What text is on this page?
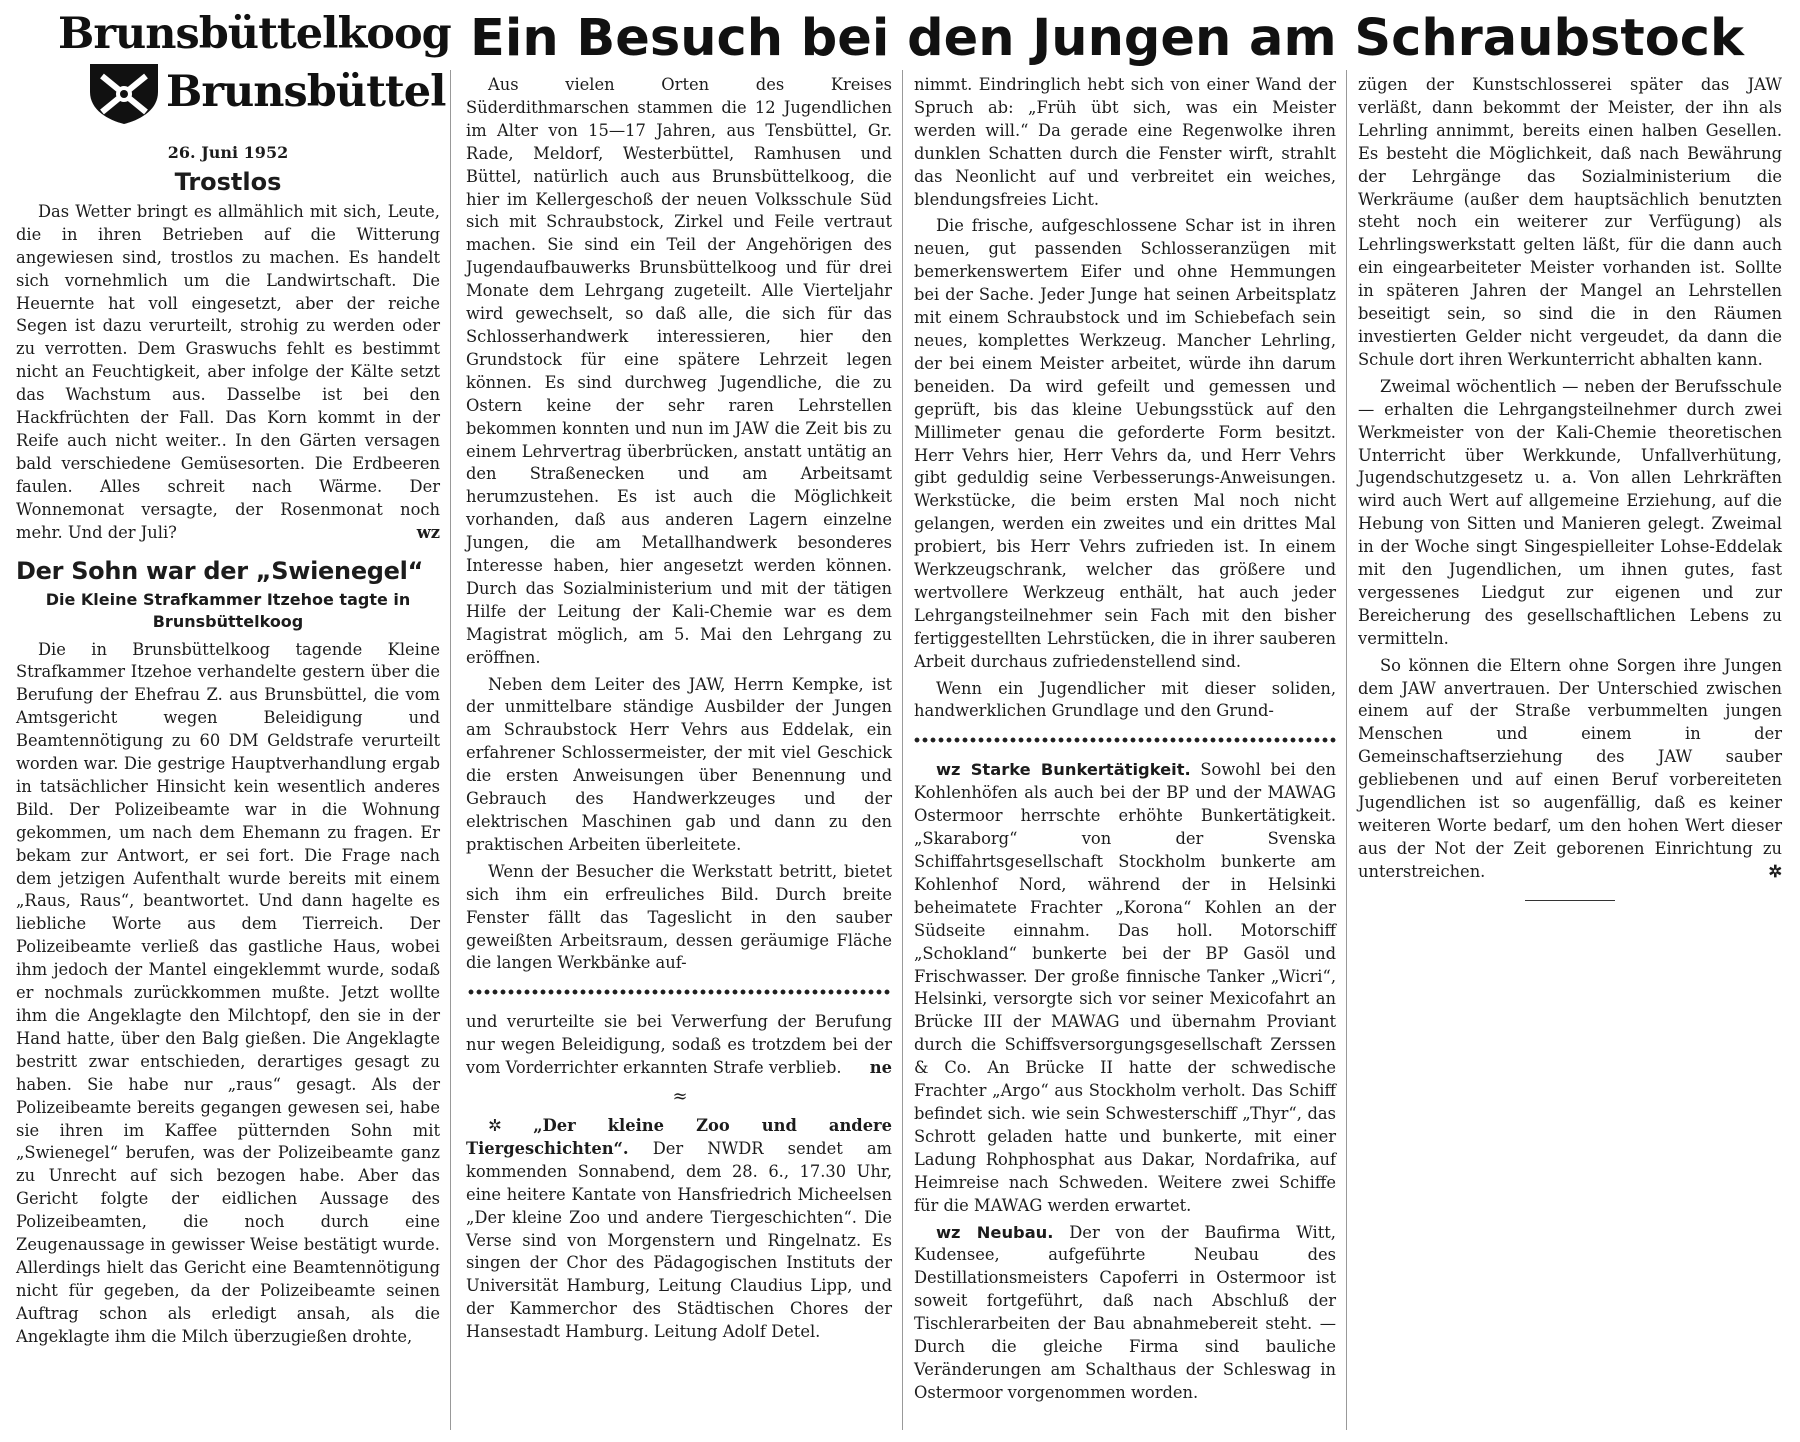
Brunsbüttelkoog
Brunsbüttel
Ein Besuch bei den Jungen am Schraubstock
26. Juni 1952
Trostlos

Das Wetter bringt es allmählich mit sich, Leute, die in ihren Betrieben auf die Witterung angewiesen sind, trostlos zu machen. Es handelt sich vornehmlich um die Landwirtschaft. Die Heuernte hat voll eingesetzt, aber der reiche Segen ist dazu verurteilt, strohig zu werden oder zu verrotten. Dem Graswuchs fehlt es bestimmt nicht an Feuchtigkeit, aber infolge der Kälte setzt das Wachstum aus. Dasselbe ist bei den Hackfrüchten der Fall. Das Korn kommt in der Reife auch nicht weiter.. In den Gärten versagen bald verschiedene Gemüsesorten. Die Erdbeeren faulen. Alles schreit nach Wärme. Der Wonnemonat versagte, der Rosenmonat noch mehr. Und der Juli?	wz

Der Sohn war der „Swienegel“
Die Kleine Strafkammer Itzehoe tagte in Brunsbüttelkoog

Die in Brunsbüttelkoog tagende Kleine Strafkammer Itzehoe verhandelte gestern über die Berufung der Ehefrau Z. aus Brunsbüttel, die vom Amtsgericht wegen Beleidigung und Beamtennötigung zu 60 DM Geldstrafe verurteilt worden war. Die gestrige Hauptverhandlung ergab in tatsächlicher Hinsicht kein wesentlich anderes Bild. Der Polizeibeamte war in die Wohnung gekommen, um nach dem Ehemann zu fragen. Er bekam zur Antwort, er sei fort. Die Frage nach dem jetzigen Aufenthalt wurde bereits mit einem „Raus, Raus“, beantwortet. Und dann hagelte es liebliche Worte aus dem Tierreich. Der Polizeibeamte verließ das gastliche Haus, wobei ihm jedoch der Mantel eingeklemmt wurde, sodaß er nochmals zurückkommen mußte. Jetzt wollte ihm die Angeklagte den Milchtopf, den sie in der Hand hatte, über den Balg gießen. Die Angeklagte bestritt zwar entschieden, derartiges gesagt zu haben. Sie habe nur „raus“ gesagt. Als der Polizeibeamte bereits gegangen gewesen sei, habe sie ihren im Kaffee pütternden Sohn mit „Swienegel“ berufen, was der Polizeibeamte ganz zu Unrecht auf sich bezogen habe. Aber das Gericht folgte der eidlichen Aussage des Polizeibeamten, die noch durch eine Zeugenaussage in gewisser Weise bestätigt wurde. Allerdings hielt das Gericht eine Beamtennötigung nicht für gegeben, da der Polizeibeamte seinen Auftrag schon als erledigt ansah, als die Angeklagte ihm die Milch überzugießen drohte,

Aus vielen Orten des Kreises Süderdithmarschen stammen die 12 Jugendlichen im Alter von 15—17 Jahren, aus Tensbüttel, Gr. Rade, Meldorf, Westerbüttel, Ramhusen und Büttel, natürlich auch aus Brunsbüttelkoog, die hier im Kellergeschoß der neuen Volksschule Süd sich mit Schraubstock, Zirkel und Feile vertraut machen. Sie sind ein Teil der Angehörigen des Jugendaufbauwerks Brunsbüttelkoog und für drei Monate dem Lehrgang zugeteilt. Alle Vierteljahr wird gewechselt, so daß alle, die sich für das Schlosserhandwerk interessieren, hier den Grundstock für eine spätere Lehrzeit legen können. Es sind durchweg Jugendliche, die zu Ostern keine der sehr raren Lehrstellen bekommen konnten und nun im JAW die Zeit bis zu einem Lehrvertrag überbrücken, anstatt untätig an den Straßenecken und am Arbeitsamt herumzustehen. Es ist auch die Möglichkeit vorhanden, daß aus anderen Lagern einzelne Jungen, die am Metallhandwerk besonderes Interesse haben, hier angesetzt werden können. Durch das Sozialministerium und mit der tätigen Hilfe der Leitung der Kali-Chemie war es dem Magistrat möglich, am 5. Mai den Lehrgang zu eröffnen.

Neben dem Leiter des JAW, Herrn Kempke, ist der unmittelbare ständige Ausbilder der Jungen am Schraubstock Herr Vehrs aus Eddelak, ein erfahrener Schlossermeister, der mit viel Geschick die ersten Anweisungen über Benennung und Gebrauch des Handwerkzeuges und der elektrischen Maschinen gab und dann zu den praktischen Arbeiten überleitete.

Wenn der Besucher die Werkstatt betritt, bietet sich ihm ein erfreuliches Bild. Durch breite Fenster fällt das Tageslicht in den sauber geweißten Arbeitsraum, dessen geräumige Fläche die langen Werkbänke auf-

und verurteilte sie bei Verwerfung der Berufung nur wegen Beleidigung, sodaß es trotzdem bei der vom Vorderrichter erkannten Strafe verblieb. ne

≈

✲ „Der kleine Zoo und andere Tiergeschichten“. Der NWDR sendet am kommenden Sonnabend, dem 28. 6., 17.30 Uhr, eine heitere Kantate von Hansfriedrich Micheelsen „Der kleine Zoo und andere Tiergeschichten“. Die Verse sind von Morgenstern und Ringelnatz. Es singen der Chor des Pädagogischen Instituts der Universität Hamburg, Leitung Claudius Lipp, und der Kammerchor des Städtischen Chores der Hansestadt Hamburg. Leitung Adolf Detel.

nimmt. Eindringlich hebt sich von einer Wand der Spruch ab: „Früh übt sich, was ein Meister werden will.“ Da gerade eine Regenwolke ihren dunklen Schatten durch die Fenster wirft, strahlt das Neonlicht auf und verbreitet ein weiches, blendungsfreies Licht.

Die frische, aufgeschlossene Schar ist in ihren neuen, gut passenden Schlosseranzügen mit bemerkenswertem Eifer und ohne Hemmungen bei der Sache. Jeder Junge hat seinen Arbeitsplatz mit einem Schraubstock und im Schiebefach sein neues, komplettes Werkzeug. Mancher Lehrling, der bei einem Meister arbeitet, würde ihn darum beneiden. Da wird gefeilt und gemessen und geprüft, bis das kleine Uebungsstück auf den Millimeter genau die geforderte Form besitzt. Herr Vehrs hier, Herr Vehrs da, und Herr Vehrs gibt geduldig seine Verbesserungs-Anweisungen. Werkstücke, die beim ersten Mal noch nicht gelangen, werden ein zweites und ein drittes Mal probiert, bis Herr Vehrs zufrieden ist. In einem Werkzeugschrank, welcher das größere und wertvollere Werkzeug enthält, hat auch jeder Lehrgangsteilnehmer sein Fach mit den bisher fertiggestellten Lehrstücken, die in ihrer sauberen Arbeit durchaus zufriedenstellend sind.

Wenn ein Jugendlicher mit dieser soliden, handwerklichen Grundlage und den Grund-

wz Starke Bunkertätigkeit. Sowohl bei den Kohlenhöfen als auch bei der BP und der MAWAG Ostermoor herrschte erhöhte Bunkertätigkeit. „Skaraborg“ von der Svenska Schiffahrtsgesellschaft Stockholm bunkerte am Kohlenhof Nord, während der in Helsinki beheimatete Frachter „Korona“ Kohlen an der Südseite einnahm. Das holl. Motorschiff „Schokland“ bunkerte bei der BP Gasöl und Frischwasser. Der große finnische Tanker „Wicri“, Helsinki, versorgte sich vor seiner Mexicofahrt an Brücke III der MAWAG und übernahm Proviant durch die Schiffsversorgungsgesellschaft Zerssen & Co. An Brücke II hatte der schwedische Frachter „Argo“ aus Stockholm verholt. Das Schiff befindet sich. wie sein Schwesterschiff „Thyr“, das Schrott geladen hatte und bunkerte, mit einer Ladung Rohphosphat aus Dakar, Nordafrika, auf Heimreise nach Schweden. Weitere zwei Schiffe für die MAWAG werden erwartet.

wz Neubau. Der von der Baufirma Witt, Kudensee, aufgeführte Neubau des Destillationsmeisters Capoferri in Ostermoor ist soweit fortgeführt, daß nach Abschluß der Tischlerarbeiten der Bau abnahmebereit steht. — Durch die gleiche Firma sind bauliche Veränderungen am Schalthaus der Schleswag in Ostermoor vorgenommen worden.

zügen der Kunstschlosserei später das JAW verläßt, dann bekommt der Meister, der ihn als Lehrling annimmt, bereits einen halben Gesellen. Es besteht die Möglichkeit, daß nach Bewährung der Lehrgänge das Sozialministerium die Werkräume (außer dem hauptsächlich benutzten steht noch ein weiterer zur Verfügung) als Lehrlingswerkstatt gelten läßt, für die dann auch ein eingearbeiteter Meister vorhanden ist. Sollte in späteren Jahren der Mangel an Lehrstellen beseitigt sein, so sind die in den Räumen investierten Gelder nicht vergeudet, da dann die Schule dort ihren Werkunterricht abhalten kann.

Zweimal wöchentlich — neben der Berufsschule — erhalten die Lehrgangsteilnehmer durch zwei Werkmeister von der Kali-Chemie theoretischen Unterricht über Werkkunde, Unfallverhütung, Jugendschutzgesetz u. a. Von allen Lehrkräften wird auch Wert auf allgemeine Erziehung, auf die Hebung von Sitten und Manieren gelegt. Zweimal in der Woche singt Singespielleiter Lohse-Eddelak mit den Jugendlichen, um ihnen gutes, fast vergessenes Liedgut zur eigenen und zur Bereicherung des gesellschaftlichen Lebens zu vermitteln.

So können die Eltern ohne Sorgen ihre Jungen dem JAW anvertrauen. Der Unterschied zwischen einem auf der Straße verbummelten jungen Menschen und einem in der Gemeinschaftserziehung des JAW sauber gebliebenen und auf einen Beruf vorbereiteten Jugendlichen ist so augenfällig, daß es keiner weiteren Worte bedarf, um den hohen Wert dieser aus der Not der Zeit geborenen Einrichtung zu unterstreichen.	✲
